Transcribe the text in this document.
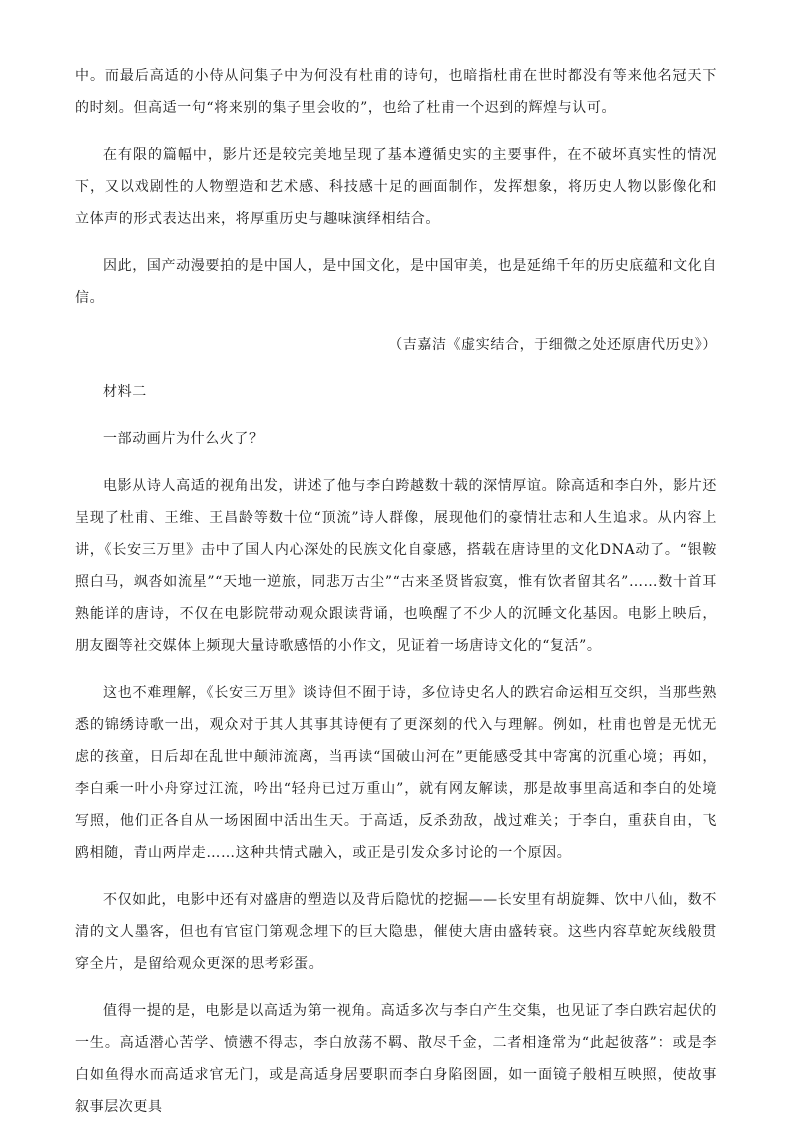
中。而最后高适的小侍从问集子中为何没有杜甫的诗句，也暗指杜甫在世时都没有等来他名冠天下的时刻。但高适一句“将来别的集子里会收的”，也给了杜甫一个迟到的辉煌与认可。

在有限的篇幅中，影片还是较完美地呈现了基本遵循史实的主要事件，在不破坏真实性的情况下，又以戏剧性的人物塑造和艺术感、科技感十足的画面制作，发挥想象，将历史人物以影像化和立体声的形式表达出来，将厚重历史与趣味演绎相结合。

因此，国产动漫要拍的是中国人，是中国文化，是中国审美，也是延绵千年的历史底蕴和文化自信。

（吉嘉洁《虚实结合，于细微之处还原唐代历史》）

材料二

一部动画片为什么火了？

电影从诗人高适的视角出发，讲述了他与李白跨越数十载的深情厚谊。除高适和李白外，影片还呈现了杜甫、王维、王昌龄等数十位“顶流”诗人群像，展现他们的豪情壮志和人生追求。从内容上讲，《长安三万里》击中了国人内心深处的民族文化自豪感，搭载在唐诗里的文化DNA动了。“银鞍照白马，飒沓如流星”“天地一逆旅，同悲万古尘”“古来圣贤皆寂寞，惟有饮者留其名”……数十首耳熟能详的唐诗，不仅在电影院带动观众跟读背诵，也唤醒了不少人的沉睡文化基因。电影上映后，朋友圈等社交媒体上频现大量诗歌感悟的小作文，见证着一场唐诗文化的“复活”。

这也不难理解，《长安三万里》谈诗但不囿于诗，多位诗史名人的跌宕命运相互交织，当那些熟悉的锦绣诗歌一出，观众对于其人其事其诗便有了更深刻的代入与理解。例如，杜甫也曾是无忧无虑的孩童，日后却在乱世中颠沛流离，当再读“国破山河在”更能感受其中寄寓的沉重心境；再如，李白乘一叶小舟穿过江流，吟出“轻舟已过万重山”，就有网友解读，那是故事里高适和李白的处境写照，他们正各自从一场困囿中活出生天。于高适，反杀劲敌，战过难关；于李白，重获自由，飞鸥相随，青山两岸走……这种共情式融入，或正是引发众多讨论的一个原因。

不仅如此，电影中还有对盛唐的塑造以及背后隐忧的挖掘——长安里有胡旋舞、饮中八仙，数不清的文人墨客，但也有官宦门第观念埋下的巨大隐患，催使大唐由盛转衰。这些内容草蛇灰线般贯穿全片，是留给观众更深的思考彩蛋。

值得一提的是，电影是以高适为第一视角。高适多次与李白产生交集，也见证了李白跌宕起伏的一生。高适潜心苦学、愤懑不得志，李白放荡不羁、散尽千金，二者相逢常为“此起彼落”：或是李白如鱼得水而高适求官无门，或是高适身居要职而李白身陷囹圄，如一面镜子般相互映照，使故事叙事层次更具
